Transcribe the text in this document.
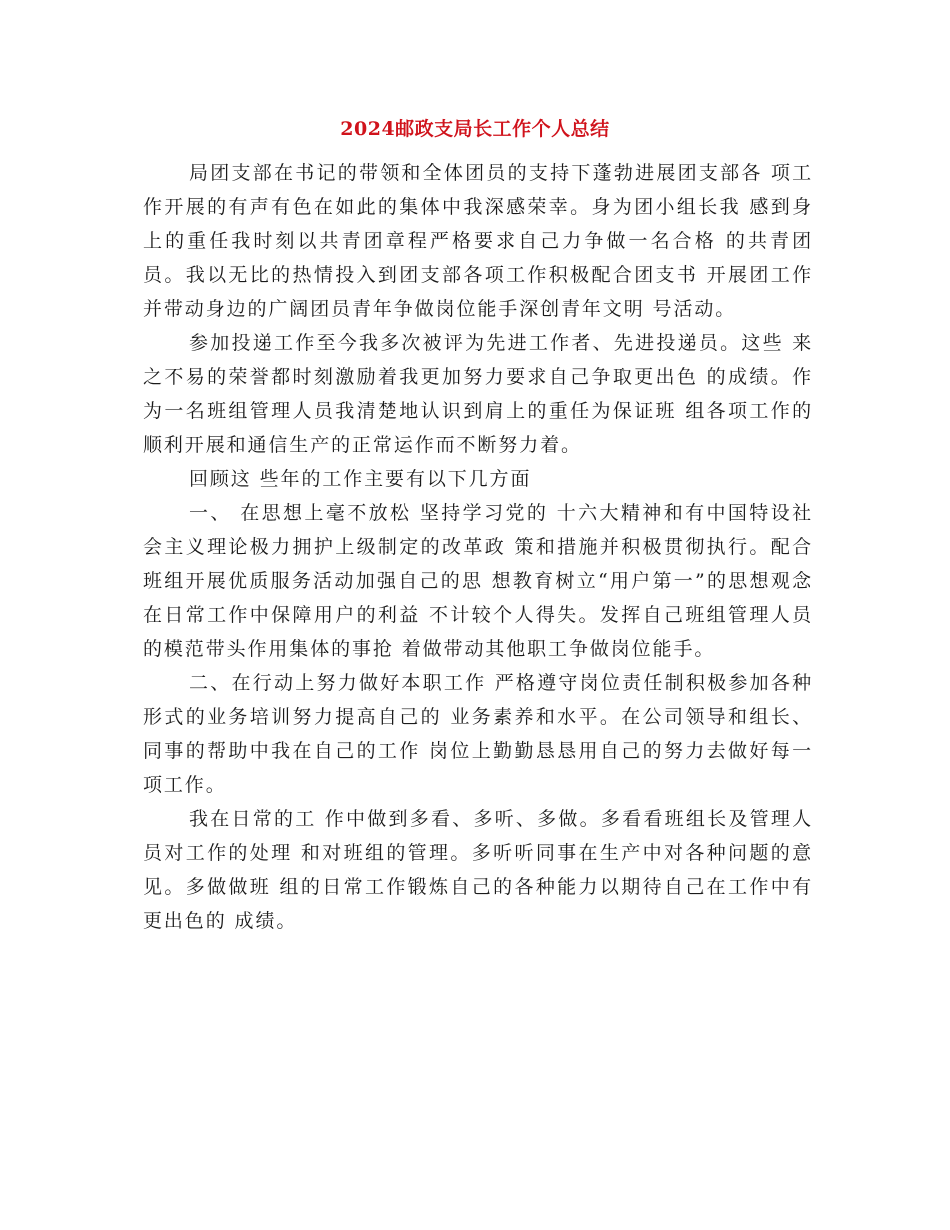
2024邮政支局长工作个人总结

局团支部在书记的带领和全体团员的支持下蓬勃进展团支部各 项工作开展的有声有色在如此的集体中我深感荣幸。身为团小组长我 感到身上的重任我时刻以共青团章程严格要求自己力争做一名合格 的共青团员。我以无比的热情投入到团支部各项工作积极配合团支书 开展团工作并带动身边的广阔团员青年争做岗位能手深创青年文明 号活动。

参加投递工作至今我多次被评为先进工作者、先进投递员。这些 来之不易的荣誉都时刻激励着我更加努力要求自己争取更出色 的成绩。作为一名班组管理人员我清楚地认识到肩上的重任为保证班 组各项工作的顺利开展和通信生产的正常运作而不断努力着。

回顾这 些年的工作主要有以下几方面

一、 在思想上毫不放松 坚持学习党的 十六大精神和有中国特设社会主义理论极力拥护上级制定的改革政 策和措施并积极贯彻执行。配合班组开展优质服务活动加强自己的思 想教育树立“用户第一”的思想观念在日常工作中保障用户的利益 不计较个人得失。发挥自己班组管理人员的模范带头作用集体的事抢 着做带动其他职工争做岗位能手。

二、在行动上努力做好本职工作 严格遵守岗位责任制积极参加各种形式的业务培训努力提高自己的 业务素养和水平。在公司领导和组长、同事的帮助中我在自己的工作 岗位上勤勤恳恳用自己的努力去做好每一项工作。

我在日常的工 作中做到多看、多听、多做。多看看班组长及管理人员对工作的处理 和对班组的管理。多听听同事在生产中对各种问题的意见。多做做班 组的日常工作锻炼自己的各种能力以期待自己在工作中有更出色的 成绩。
